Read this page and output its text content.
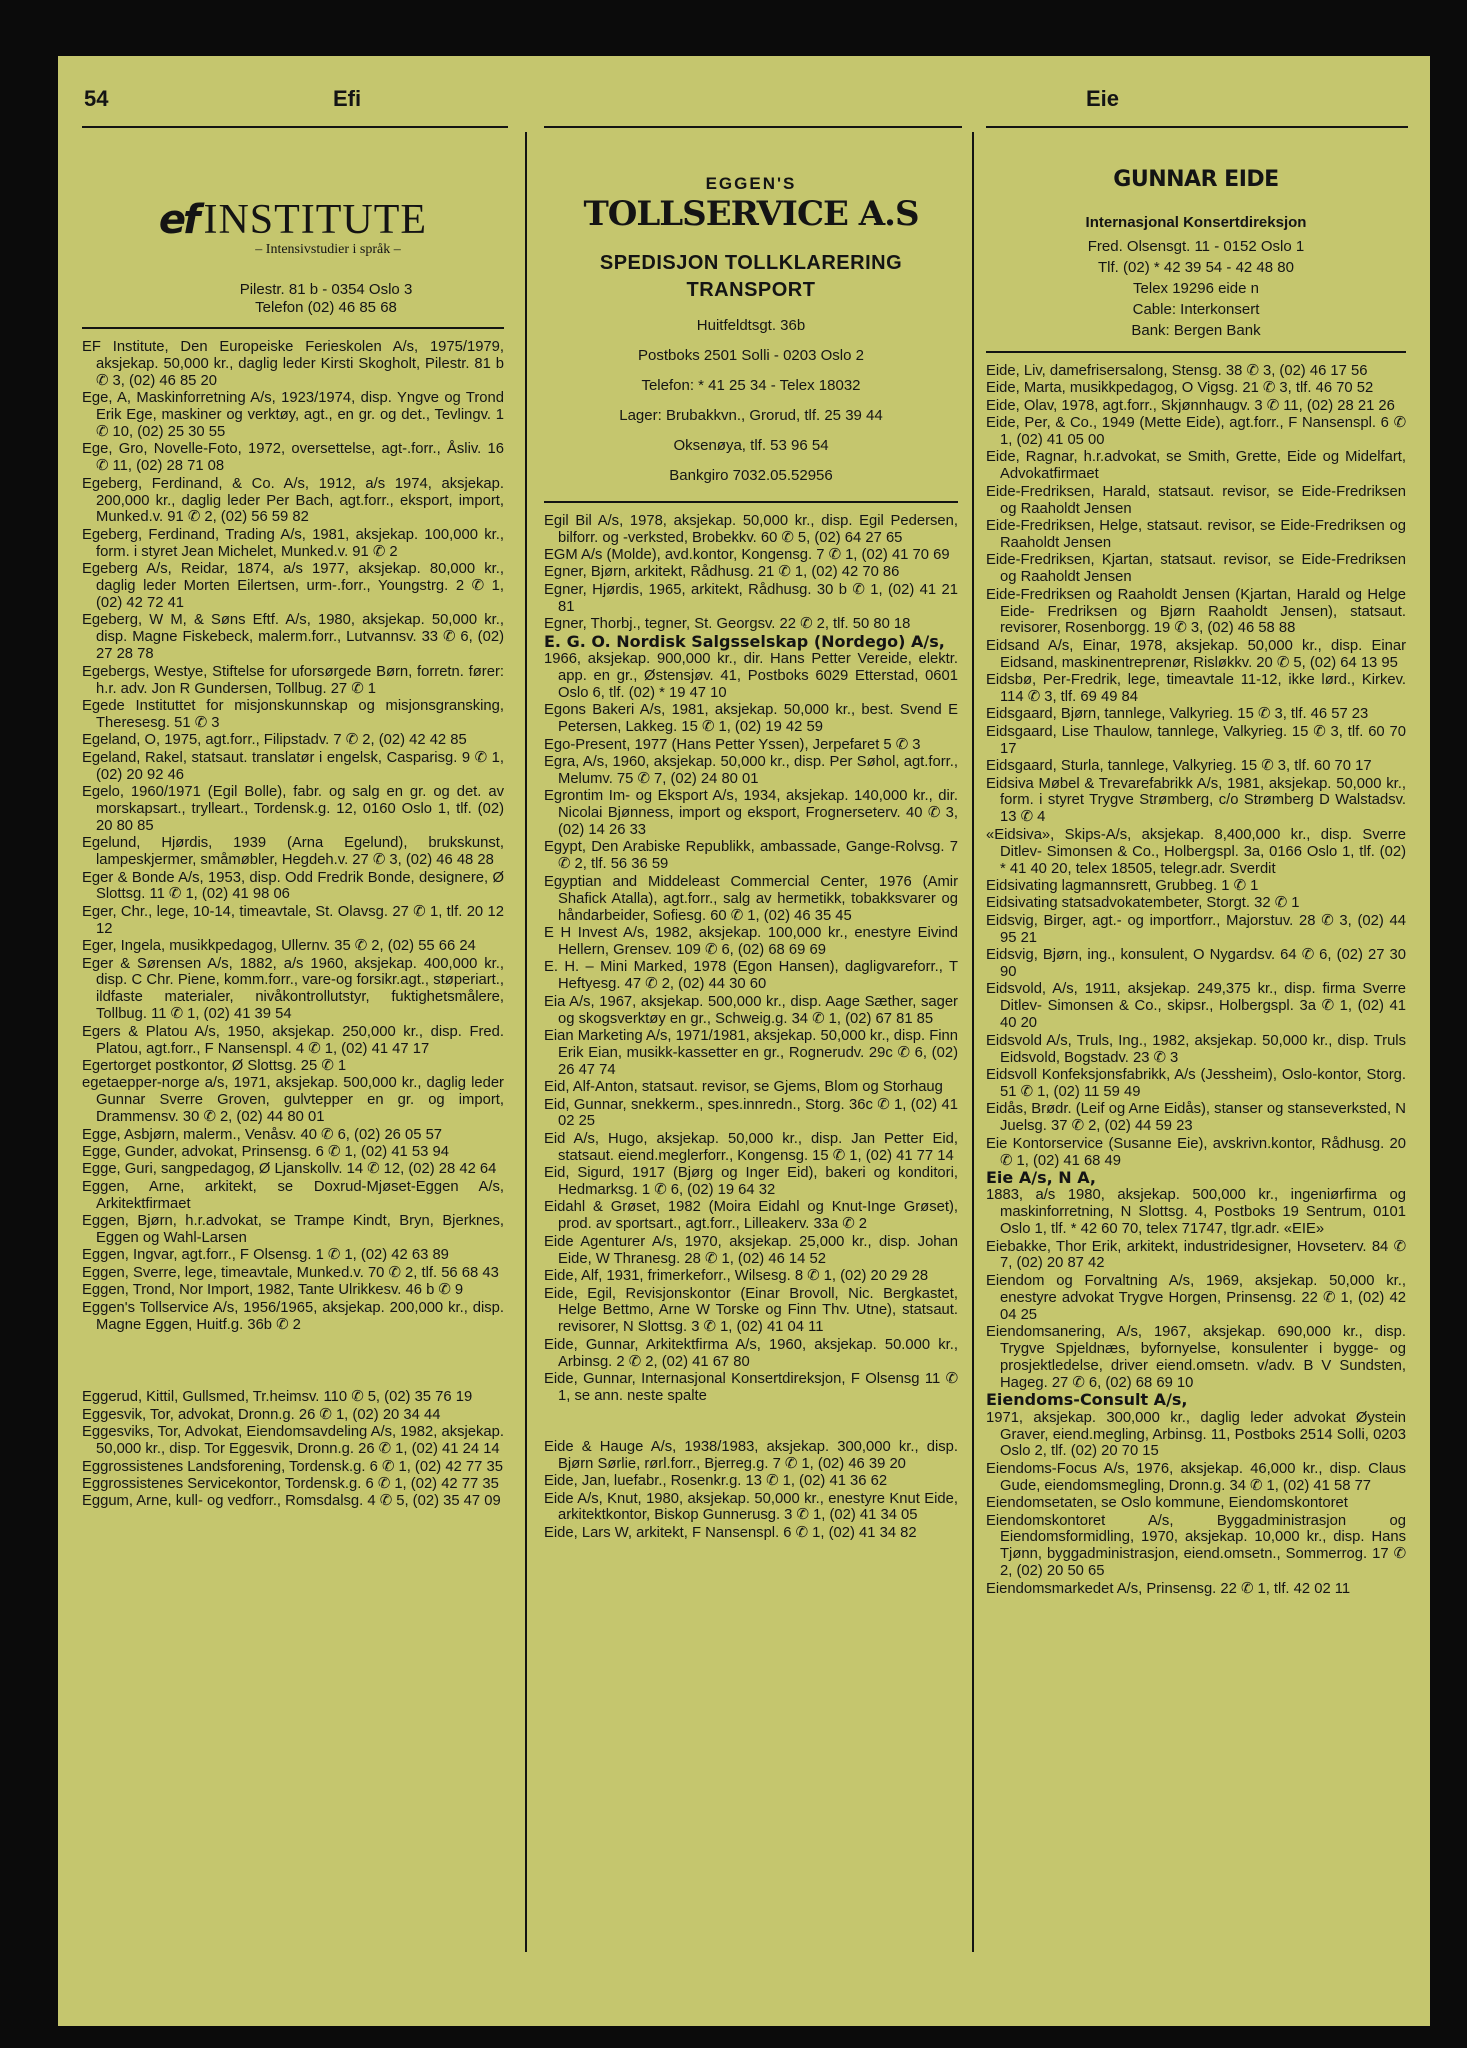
54	Efi	Eie
ef INSTITUTE
– Intensivstudier i språk –
Pilestr. 81 b - 0354 Oslo 3
Telefon (02) 46 85 68
EF Institute, Den Europeiske Ferieskolen A/s, 1975/1979, aksjekap. 50,000 kr., daglig leder Kirsti Skogholt, Pilestr. 81 b ✆ 3, (02) 46 85 20
Ege, A, Maskinforretning A/s, 1923/1974, disp. Yngve og Trond Erik Ege, maskiner og verktøy, agt., en gr. og det., Tevlingv. 1 ✆ 10, (02) 25 30 55
Ege, Gro, Novelle-Foto, 1972, oversettelse, agt-.forr., Åsliv. 16 ✆ 11, (02) 28 71 08
Egeberg, Ferdinand, & Co. A/s, 1912, a/s 1974, aksjekap. 200,000 kr., daglig leder Per Bach, agt.forr., eksport, import, Munked.v. 91 ✆ 2, (02) 56 59 82
Egeberg, Ferdinand, Trading A/s, 1981, aksjekap. 100,000 kr., form. i styret Jean Michelet, Munked.v. 91 ✆ 2
Egeberg A/s, Reidar, 1874, a/s 1977, aksjekap. 80,000 kr., daglig leder Morten Eilertsen, urm-.forr., Youngstrg. 2 ✆ 1, (02) 42 72 41
Egeberg, W M, & Søns Eftf. A/s, 1980, aksjekap. 50,000 kr., disp. Magne Fiskebeck, malerm.forr., Lutvannsv. 33 ✆ 6, (02) 27 28 78
Egebergs, Westye, Stiftelse for uforsørgede Børn, forretn. fører: h.r. adv. Jon R Gundersen, Tollbug. 27 ✆ 1
Egede Instituttet for misjonskunnskap og misjonsgransking, Theresesg. 51 ✆ 3
Egeland, O, 1975, agt.forr., Filipstadv. 7 ✆ 2, (02) 42 42 85
Egeland, Rakel, statsaut. translatør i engelsk, Casparisg. 9 ✆ 1, (02) 20 92 46
Egelo, 1960/1971 (Egil Bolle), fabr. og salg en gr. og det. av morskapsart., trylleart., Tordensk.g. 12, 0160 Oslo 1, tlf. (02) 20 80 85
Egelund, Hjørdis, 1939 (Arna Egelund), brukskunst, lampeskjermer, småmøbler, Hegdeh.v. 27 ✆ 3, (02) 46 48 28
Eger & Bonde A/s, 1953, disp. Odd Fredrik Bonde, designere, Ø Slottsg. 11 ✆ 1, (02) 41 98 06
Eger, Chr., lege, 10-14, timeavtale, St. Olavsg. 27 ✆ 1, tlf. 20 12 12
Eger, Ingela, musikkpedagog, Ullernv. 35 ✆ 2, (02) 55 66 24
Eger & Sørensen A/s, 1882, a/s 1960, aksjekap. 400,000 kr., disp. C Chr. Piene, komm.forr., vare-og forsikr.agt., støperiart., ildfaste materialer, nivåkontrollutstyr, fuktighetsmålere, Tollbug. 11 ✆ 1, (02) 41 39 54
Egers & Platou A/s, 1950, aksjekap. 250,000 kr., disp. Fred. Platou, agt.forr., F Nansenspl. 4 ✆ 1, (02) 41 47 17
Egertorget postkontor, Ø Slottsg. 25 ✆ 1
egetaepper-norge a/s, 1971, aksjekap. 500,000 kr., daglig leder Gunnar Sverre Groven, gulvtepper en gr. og import, Drammensv. 30 ✆ 2, (02) 44 80 01
Egge, Asbjørn, malerm., Venåsv. 40 ✆ 6, (02) 26 05 57
Egge, Gunder, advokat, Prinsensg. 6 ✆ 1, (02) 41 53 94
Egge, Guri, sangpedagog, Ø Ljanskollv. 14 ✆ 12, (02) 28 42 64
Eggen, Arne, arkitekt, se Doxrud-Mjøset-Eggen A/s, Arkitektfirmaet
Eggen, Bjørn, h.r.advokat, se Trampe Kindt, Bryn, Bjerknes, Eggen og Wahl-Larsen
Eggen, Ingvar, agt.forr., F Olsensg. 1 ✆ 1, (02) 42 63 89
Eggen, Sverre, lege, timeavtale, Munked.v. 70 ✆ 2, tlf. 56 68 43
Eggen, Trond, Nor Import, 1982, Tante Ulrikkesv. 46 b ✆ 9
Eggen's Tollservice A/s, 1956/1965, aksjekap. 200,000 kr., disp. Magne Eggen, Huitf.g. 36b ✆ 2
Eggerud, Kittil, Gullsmed, Tr.heimsv. 110 ✆ 5, (02) 35 76 19
Eggesvik, Tor, advokat, Dronn.g. 26 ✆ 1, (02) 20 34 44
Eggesviks, Tor, Advokat, Eiendomsavdeling A/s, 1982, aksjekap. 50,000 kr., disp. Tor Eggesvik, Dronn.g. 26 ✆ 1, (02) 41 24 14
Eggrossistenes Landsforening, Tordensk.g. 6 ✆ 1, (02) 42 77 35
Eggrossistenes Servicekontor, Tordensk.g. 6 ✆ 1, (02) 42 77 35
Eggum, Arne, kull- og vedforr., Romsdalsg. 4 ✆ 5, (02) 35 47 09
EGGEN'S
TOLLSERVICE A.S
SPEDISJON TOLLKLARERING
TRANSPORT
Huitfeldtsgt. 36b
Postboks 2501 Solli - 0203 Oslo 2
Telefon: * 41 25 34 - Telex 18032
Lager: Brubakkvn., Grorud, tlf. 25 39 44
Oksenøya, tlf. 53 96 54
Bankgiro 7032.05.52956
Egil Bil A/s, 1978, aksjekap. 50,000 kr., disp. Egil Pedersen, bilforr. og -verksted, Brobekkv. 60 ✆ 5, (02) 64 27 65
EGM A/s (Molde), avd.kontor, Kongensg. 7 ✆ 1, (02) 41 70 69
Egner, Bjørn, arkitekt, Rådhusg. 21 ✆ 1, (02) 42 70 86
Egner, Hjørdis, 1965, arkitekt, Rådhusg. 30 b ✆ 1, (02) 41 21 81
Egner, Thorbj., tegner, St. Georgsv. 22 ✆ 2, tlf. 50 80 18
E. G. O. Nordisk Salgsselskap (Nordego) A/s,
1966, aksjekap. 900,000 kr., dir. Hans Petter Vereide, elektr. app. en gr., Østensjøv. 41, Postboks 6029 Etterstad, 0601 Oslo 6, tlf. (02) * 19 47 10
Egons Bakeri A/s, 1981, aksjekap. 50,000 kr., best. Svend E Petersen, Lakkeg. 15 ✆ 1, (02) 19 42 59
Ego-Present, 1977 (Hans Petter Yssen), Jerpefaret 5 ✆ 3
Egra, A/s, 1960, aksjekap. 50,000 kr., disp. Per Søhol, agt.forr., Melumv. 75 ✆ 7, (02) 24 80 01
Egrontim Im- og Eksport A/s, 1934, aksjekap. 140,000 kr., dir. Nicolai Bjønness, import og eksport, Frognerseterv. 40 ✆ 3, (02) 14 26 33
Egypt, Den Arabiske Republikk, ambassade, Gange-Rolvsg. 7 ✆ 2, tlf. 56 36 59
Egyptian and Middeleast Commercial Center, 1976 (Amir Shafick Atalla), agt.forr., salg av hermetikk, tobakksvarer og håndarbeider, Sofiesg. 60 ✆ 1, (02) 46 35 45
E H Invest A/s, 1982, aksjekap. 100,000 kr., enestyre Eivind Hellern, Grensev. 109 ✆ 6, (02) 68 69 69
E. H. – Mini Marked, 1978 (Egon Hansen), dagligvareforr., T Heftyesg. 47 ✆ 2, (02) 44 30 60
Eia A/s, 1967, aksjekap. 500,000 kr., disp. Aage Sæther, sager og skogsverktøy en gr., Schweig.g. 34 ✆ 1, (02) 67 81 85
Eian Marketing A/s, 1971/1981, aksjekap. 50,000 kr., disp. Finn Erik Eian, musikk-kassetter en gr., Rognerudv. 29c ✆ 6, (02) 26 47 74
Eid, Alf-Anton, statsaut. revisor, se Gjems, Blom og Storhaug
Eid, Gunnar, snekkerm., spes.innredn., Storg. 36c ✆ 1, (02) 41 02 25
Eid A/s, Hugo, aksjekap. 50,000 kr., disp. Jan Petter Eid, statsaut. eiend.meglerforr., Kongensg. 15 ✆ 1, (02) 41 77 14
Eid, Sigurd, 1917 (Bjørg og Inger Eid), bakeri og konditori, Hedmarksg. 1 ✆ 6, (02) 19 64 32
Eidahl & Grøset, 1982 (Moira Eidahl og Knut-Inge Grøset), prod. av sportsart., agt.forr., Lilleakerv. 33a ✆ 2
Eide Agenturer A/s, 1970, aksjekap. 25,000 kr., disp. Johan Eide, W Thranesg. 28 ✆ 1, (02) 46 14 52
Eide, Alf, 1931, frimerkeforr., Wilsesg. 8 ✆ 1, (02) 20 29 28
Eide, Egil, Revisjonskontor (Einar Brovoll, Nic. Bergkastet, Helge Bettmo, Arne W Torske og Finn Thv. Utne), statsaut. revisorer, N Slottsg. 3 ✆ 1, (02) 41 04 11
Eide, Gunnar, Arkitektfirma A/s, 1960, aksjekap. 50.000 kr., Arbinsg. 2 ✆ 2, (02) 41 67 80
Eide, Gunnar, Internasjonal Konsertdireksjon, F Olsensg 11 ✆ 1, se ann. neste spalte
Eide & Hauge A/s, 1938/1983, aksjekap. 300,000 kr., disp. Bjørn Sørlie, rørl.forr., Bjerreg.g. 7 ✆ 1, (02) 46 39 20
Eide, Jan, luefabr., Rosenkr.g. 13 ✆ 1, (02) 41 36 62
Eide A/s, Knut, 1980, aksjekap. 50,000 kr., enestyre Knut Eide, arkitektkontor, Biskop Gunnerusg. 3 ✆ 1, (02) 41 34 05
Eide, Lars W, arkitekt, F Nansenspl. 6 ✆ 1, (02) 41 34 82
GUNNAR EIDE
Internasjonal Konsertdireksjon
Fred. Olsensgt. 11 - 0152 Oslo 1
Tlf. (02) * 42 39 54 - 42 48 80
Telex 19296 eide n
Cable: Interkonsert
Bank: Bergen Bank
Eide, Liv, damefrisersalong, Stensg. 38 ✆ 3, (02) 46 17 56
Eide, Marta, musikkpedagog, O Vigsg. 21 ✆ 3, tlf. 46 70 52
Eide, Olav, 1978, agt.forr., Skjønnhaugv. 3 ✆ 11, (02) 28 21 26
Eide, Per, & Co., 1949 (Mette Eide), agt.forr., F Nansenspl. 6 ✆ 1, (02) 41 05 00
Eide, Ragnar, h.r.advokat, se Smith, Grette, Eide og Midelfart, Advokatfirmaet
Eide-Fredriksen, Harald, statsaut. revisor, se Eide-Fredriksen og Raaholdt Jensen
Eide-Fredriksen, Helge, statsaut. revisor, se Eide-Fredriksen og Raaholdt Jensen
Eide-Fredriksen, Kjartan, statsaut. revisor, se Eide-Fredriksen og Raaholdt Jensen
Eide-Fredriksen og Raaholdt Jensen (Kjartan, Harald og Helge Eide- Fredriksen og Bjørn Raaholdt Jensen), statsaut. revisorer, Rosenborgg. 19 ✆ 3, (02) 46 58 88
Eidsand A/s, Einar, 1978, aksjekap. 50,000 kr., disp. Einar Eidsand, maskinentreprenør, Risløkkv. 20 ✆ 5, (02) 64 13 95
Eidsbø, Per-Fredrik, lege, timeavtale 11-12, ikke lørd., Kirkev. 114 ✆ 3, tlf. 69 49 84
Eidsgaard, Bjørn, tannlege, Valkyrieg. 15 ✆ 3, tlf. 46 57 23
Eidsgaard, Lise Thaulow, tannlege, Valkyrieg. 15 ✆ 3, tlf. 60 70 17
Eidsgaard, Sturla, tannlege, Valkyrieg. 15 ✆ 3, tlf. 60 70 17
Eidsiva Møbel & Trevarefabrikk A/s, 1981, aksjekap. 50,000 kr., form. i styret Trygve Strømberg, c/o Strømberg D Walstadsv. 13 ✆ 4
«Eidsiva», Skips-A/s, aksjekap. 8,400,000 kr., disp. Sverre Ditlev- Simonsen & Co., Holbergspl. 3a, 0166 Oslo 1, tlf. (02) * 41 40 20, telex 18505, telegr.adr. Sverdit
Eidsivating lagmannsrett, Grubbeg. 1 ✆ 1
Eidsivating statsadvokatembeter, Storgt. 32 ✆ 1
Eidsvig, Birger, agt.- og importforr., Majorstuv. 28 ✆ 3, (02) 44 95 21
Eidsvig, Bjørn, ing., konsulent, O Nygardsv. 64 ✆ 6, (02) 27 30 90
Eidsvold, A/s, 1911, aksjekap. 249,375 kr., disp. firma Sverre Ditlev- Simonsen & Co., skipsr., Holbergspl. 3a ✆ 1, (02) 41 40 20
Eidsvold A/s, Truls, Ing., 1982, aksjekap. 50,000 kr., disp. Truls Eidsvold, Bogstadv. 23 ✆ 3
Eidsvoll Konfeksjonsfabrikk, A/s (Jessheim), Oslo-kontor, Storg. 51 ✆ 1, (02) 11 59 49
Eidås, Brødr. (Leif og Arne Eidås), stanser og stanseverksted, N Juelsg. 37 ✆ 2, (02) 44 59 23
Eie Kontorservice (Susanne Eie), avskrivn.kontor, Rådhusg. 20 ✆ 1, (02) 41 68 49
Eie A/s, N A,
1883, a/s 1980, aksjekap. 500,000 kr., ingeniørfirma og maskinforretning, N Slottsg. 4, Postboks 19 Sentrum, 0101 Oslo 1, tlf. * 42 60 70, telex 71747, tlgr.adr. «EIE»
Eiebakke, Thor Erik, arkitekt, industridesigner, Hovseterv. 84 ✆ 7, (02) 20 87 42
Eiendom og Forvaltning A/s, 1969, aksjekap. 50,000 kr., enestyre advokat Trygve Horgen, Prinsensg. 22 ✆ 1, (02) 42 04 25
Eiendomsanering, A/s, 1967, aksjekap. 690,000 kr., disp. Trygve Spjeldnæs, byfornyelse, konsulenter i bygge- og prosjektledelse, driver eiend.omsetn. v/adv. B V Sundsten, Hageg. 27 ✆ 6, (02) 68 69 10
Eiendoms-Consult A/s,
1971, aksjekap. 300,000 kr., daglig leder advokat Øystein Graver, eiend.megling, Arbinsg. 11, Postboks 2514 Solli, 0203 Oslo 2, tlf. (02) 20 70 15
Eiendoms-Focus A/s, 1976, aksjekap. 46,000 kr., disp. Claus Gude, eiendomsmegling, Dronn.g. 34 ✆ 1, (02) 41 58 77
Eiendomsetaten, se Oslo kommune, Eiendomskontoret
Eiendomskontoret A/s, Byggadministrasjon og Eiendomsformidling, 1970, aksjekap. 10,000 kr., disp. Hans Tjønn, byggadministrasjon, eiend.omsetn., Sommerrog. 17 ✆ 2, (02) 20 50 65
Eiendomsmarkedet A/s, Prinsensg. 22 ✆ 1, tlf. 42 02 11
